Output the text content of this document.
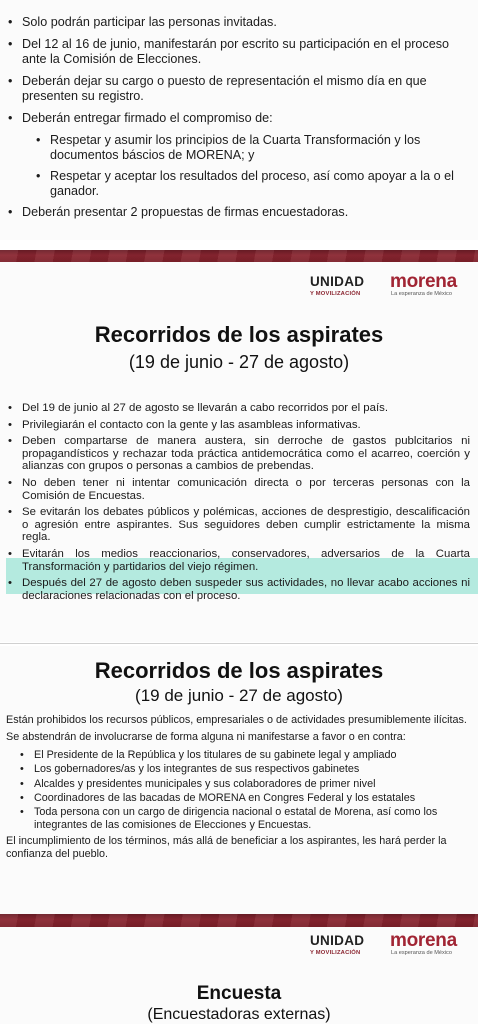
• Solo podrán participar las personas invitadas.
• Del 12 al 16 de junio, manifestarán por escrito su participación en el proceso ante la Comisión de Elecciones.
• Deberán dejar su cargo o puesto de representación el mismo día en que presenten su registro.
• Deberán entregar firmado el compromiso de:
• Respetar y asumir los principios de la Cuarta Transformación y los documentos báscios de MORENA; y
• Respetar y aceptar los resultados del proceso, así como apoyar a la o el ganador.
• Deberán presentar 2 propuestas de firmas encuestadoras.
UNIDAD
Y MOVILIZACIÓN
morena
La esperanza de México
Recorridos de los aspirates
(19 de junio - 27 de agosto)
• Del 19 de junio al 27 de agosto se llevarán a cabo recorridos por el país.
• Privilegiarán el contacto con la gente y las asambleas informativas.
• Deben compartarse de manera austera, sin derroche de gastos publcitarios ni propagandísticos y rechazar toda práctica antidemocrática como el acarreo, coerción y alianzas con grupos o personas a cambios de prebendas.
• No deben tener ni intentar comunicación directa o por terceras personas con la Comisión de Encuestas.
• Se evitarán los debates públicos y polémicas, acciones de desprestigio, descalificación o agresión entre aspirantes. Sus seguidores deben cumplir estrictamente la misma regla.
• Evitarán los medios reaccionarios, conservadores, adversarios de la Cuarta Transformación y partidarios del viejo régimen.
• Después del 27 de agosto deben suspeder sus actividades, no llevar acabo acciones ni declaraciones relacionadas con el proceso.
Recorridos de los aspirates
(19 de junio - 27 de agosto)

Están prohibidos los recursos públicos, empresariales o de actividades presumiblemente ilícitas.

Se abstendrán de involucrarse de forma alguna ni manifestarse a favor o en contra:

• El Presidente de la República y los titulares de su gabinete legal y ampliado
• Los gobernadores/as y los integrantes de sus respectivos gabinetes
• Alcaldes y presidentes municipales y sus colaboradores de primer nivel
• Coordinadores de las bacadas de MORENA en Congres Federal y los estatales
• Toda persona con un cargo de dirigencia nacional o estatal de Morena, así como los integrantes de las comisiones de Elecciones y Encuestas.

El incumplimiento de los términos, más allá de beneficiar a los aspirantes, les hará perder la confianza del pueblo.

UNIDAD
Y MOVILIZACIÓN
morena
La esperanza de México
Encuesta
(Encuestadoras externas)
